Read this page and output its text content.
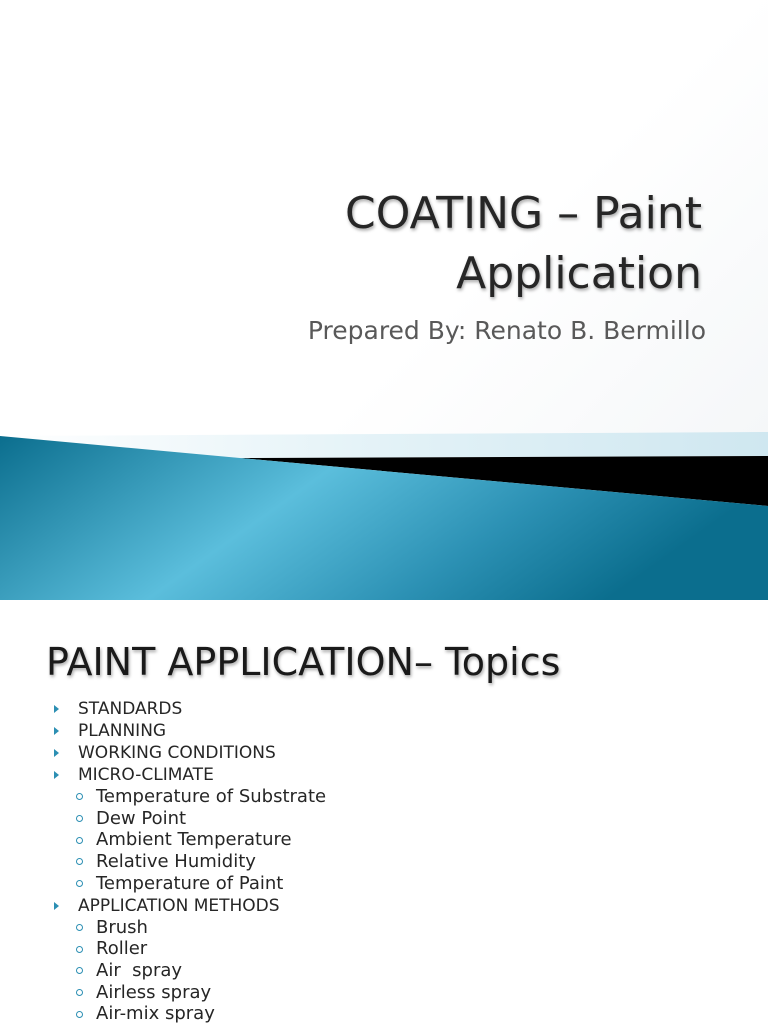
COATING – Paint
Application

Prepared By: Renato B. Bermillo

PAINT APPLICATION– Topics
STANDARDS
PLANNING
WORKING CONDITIONS
MICRO-CLIMATE
Temperature of Substrate
Dew Point
Ambient Temperature
Relative Humidity
Temperature of Paint
APPLICATION METHODS
Brush
Roller
Air  spray
Airless spray
Air-mix spray
